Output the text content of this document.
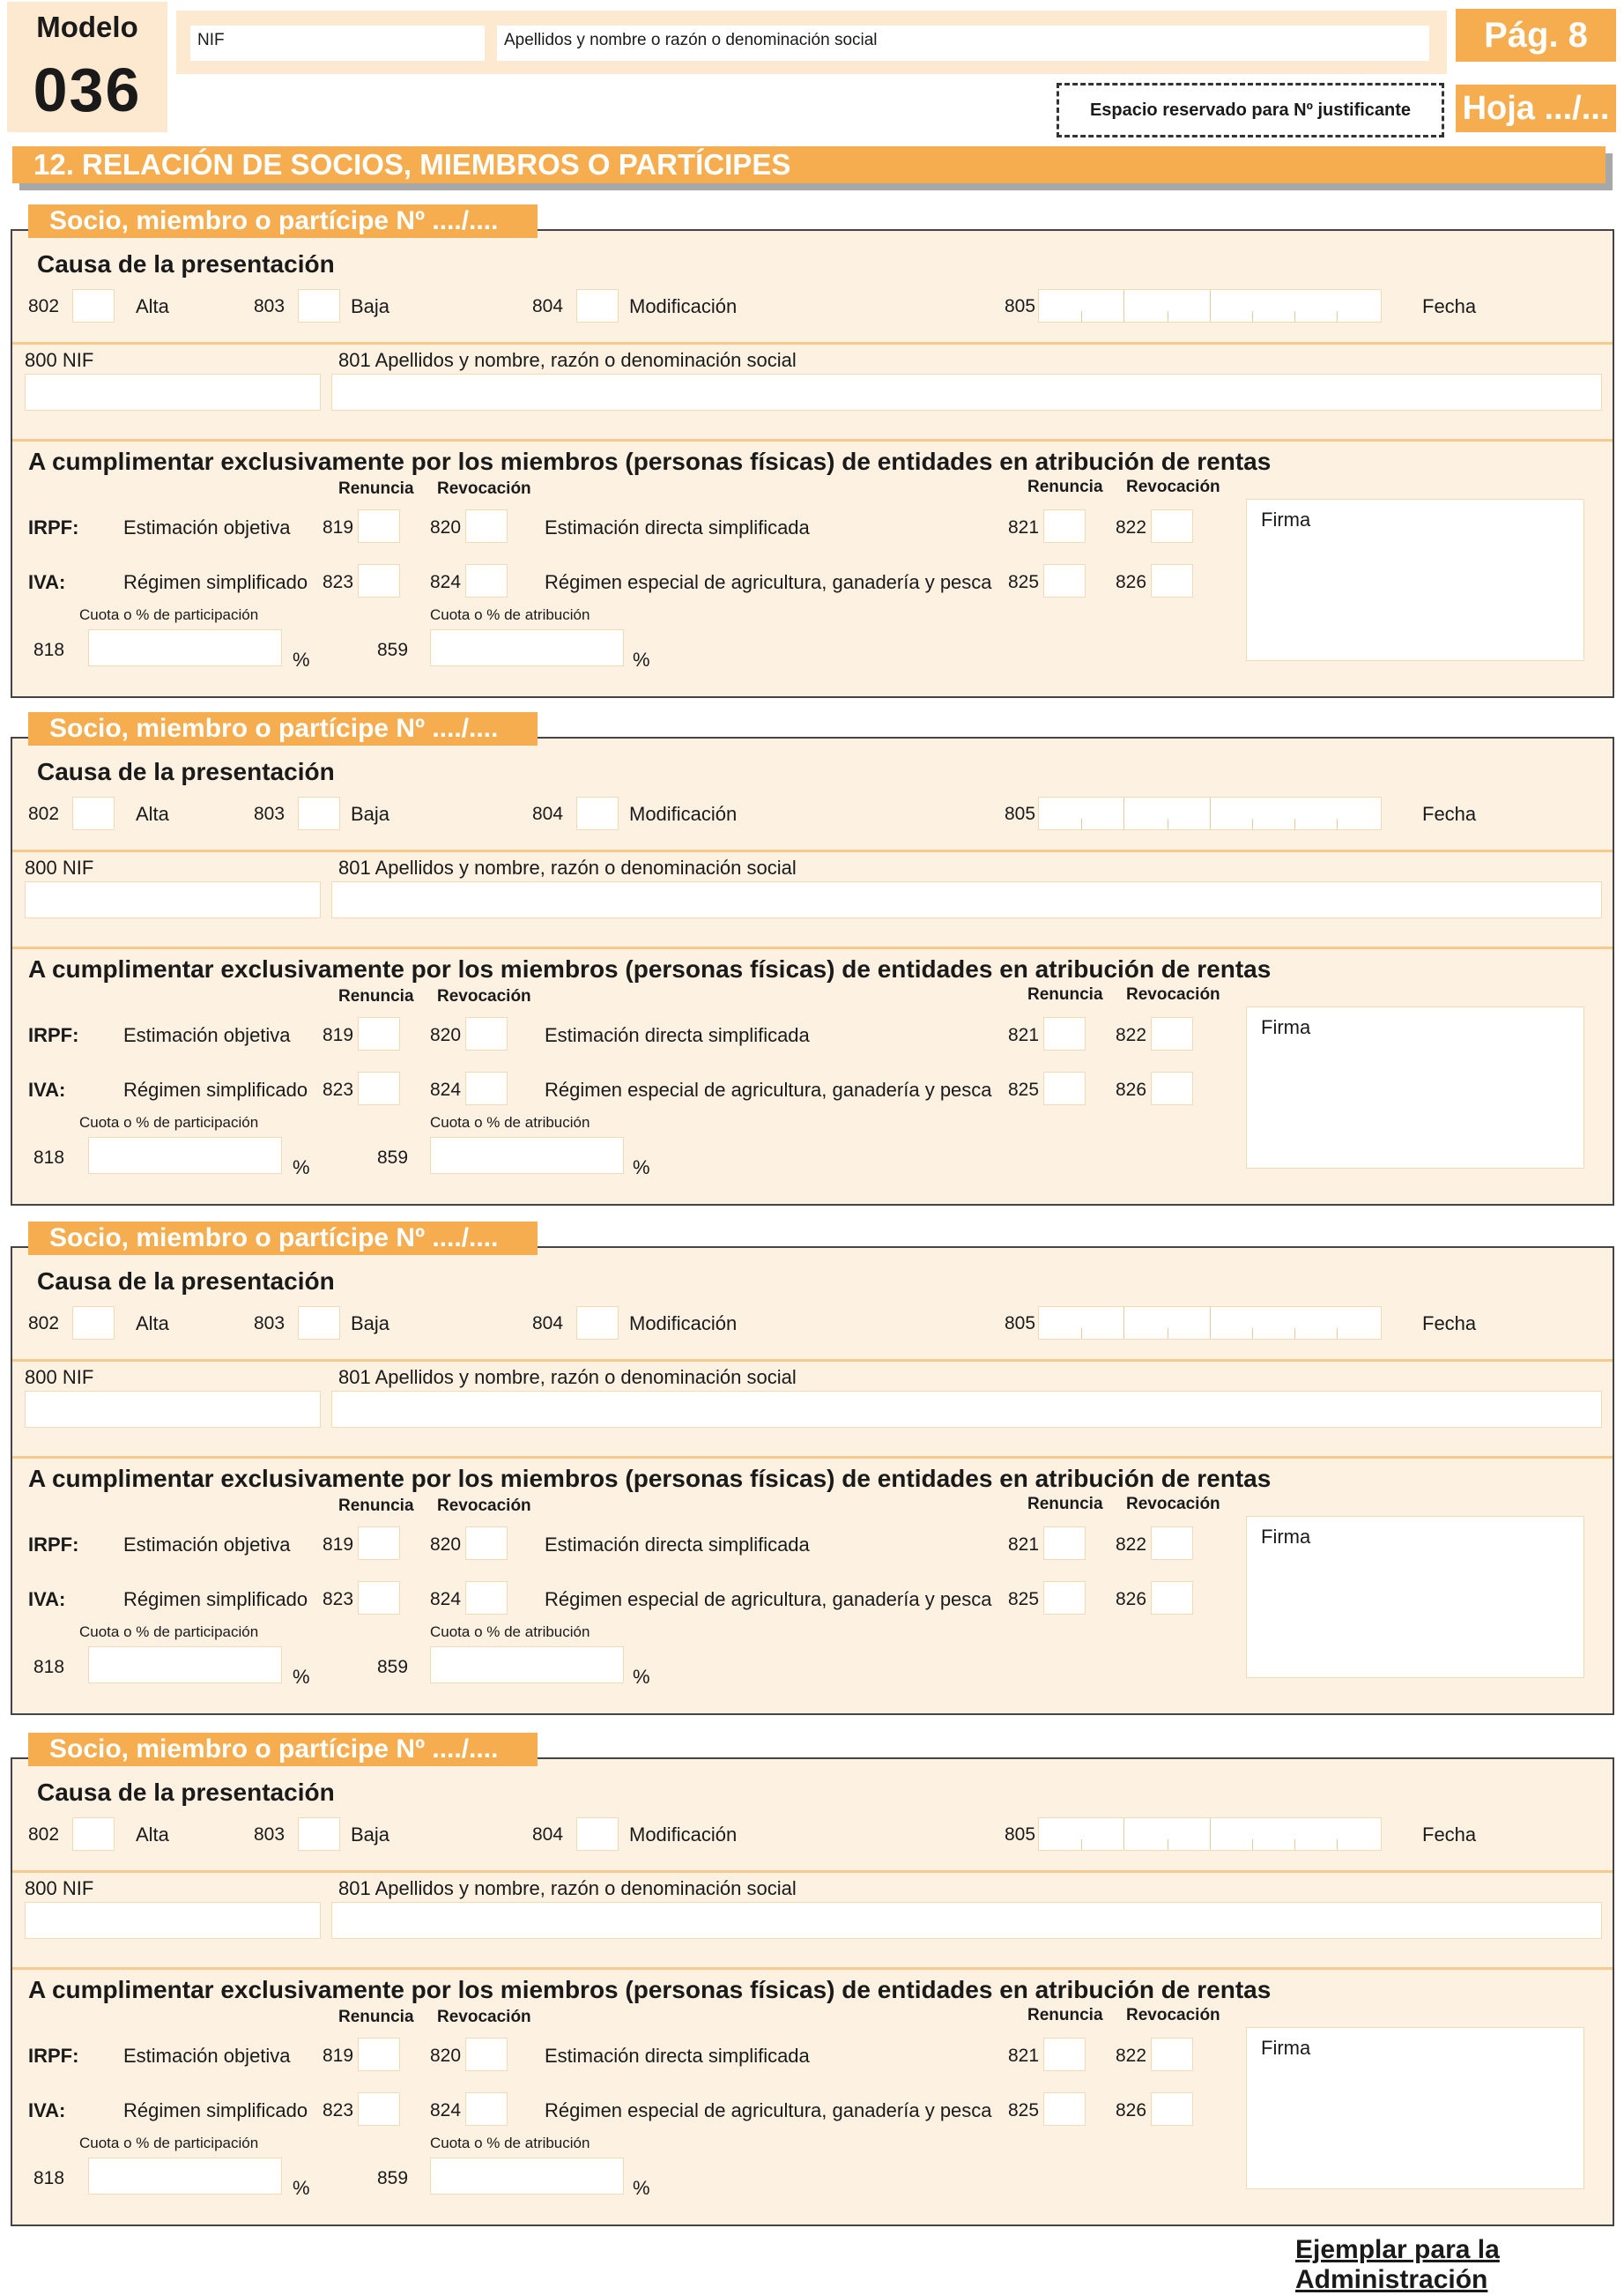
Modelo
036
NIF	Apellidos y nombre o razón o denominación social	Pág. 8
Espacio reservado para Nº justificante	Hoja .../...
12. RELACIÓN DE SOCIOS, MIEMBROS O PARTÍCIPES
Causa de la presentación
802	Alta	803	Baja	804	Modificación	805	Fecha
800 NIF	801 Apellidos y nombre, razón o denominación social
A cumplimentar exclusivamente por los miembros (personas físicas) de entidades en atribución de rentas
Renuncia Revocación	Renuncia Revocación
IRPF: Estimación objetiva 819	820	Estimación directa simplificada	821	822
IVA:	Régimen simplificado 823	824	Régimen especial de agricultura, ganadería y pesca 825	826
Cuota o % de participación	Cuota o % de atribución
818	%	859	%
Firma
Socio, miembro o partícipe Nº ..../....
Causa de la presentación
802	Alta	803	Baja	804	Modificación	805	Fecha
800 NIF	801 Apellidos y nombre, razón o denominación social
A cumplimentar exclusivamente por los miembros (personas físicas) de entidades en atribución de rentas
Renuncia Revocación	Renuncia Revocación
IRPF: Estimación objetiva 819	820	Estimación directa simplificada	821	822
IVA:	Régimen simplificado 823	824	Régimen especial de agricultura, ganadería y pesca 825	826
Cuota o % de participación	Cuota o % de atribución
818	%	859	%
Firma
Socio, miembro o partícipe Nº ..../....
Causa de la presentación
802	Alta	803	Baja	804	Modificación	805	Fecha
800 NIF	801 Apellidos y nombre, razón o denominación social
A cumplimentar exclusivamente por los miembros (personas físicas) de entidades en atribución de rentas
Renuncia Revocación	Renuncia Revocación
IRPF: Estimación objetiva 819	820	Estimación directa simplificada	821	822
IVA:	Régimen simplificado 823	824	Régimen especial de agricultura, ganadería y pesca 825	826
Cuota o % de participación	Cuota o % de atribución
818	%	859	%
Firma
Socio, miembro o partícipe Nº ..../....
Causa de la presentación
802	Alta	803	Baja	804	Modificación	805	Fecha
800 NIF	801 Apellidos y nombre, razón o denominación social
A cumplimentar exclusivamente por los miembros (personas físicas) de entidades en atribución de rentas
Renuncia Revocación	Renuncia Revocación
IRPF: Estimación objetiva 819	820	Estimación directa simplificada	821	822
IVA:	Régimen simplificado 823	824	Régimen especial de agricultura, ganadería y pesca 825	826
Cuota o % de participación	Cuota o % de atribución
818	%	859	%
Firma
Socio, miembro o partícipe Nº ..../....
Ejemplar para la Administración
